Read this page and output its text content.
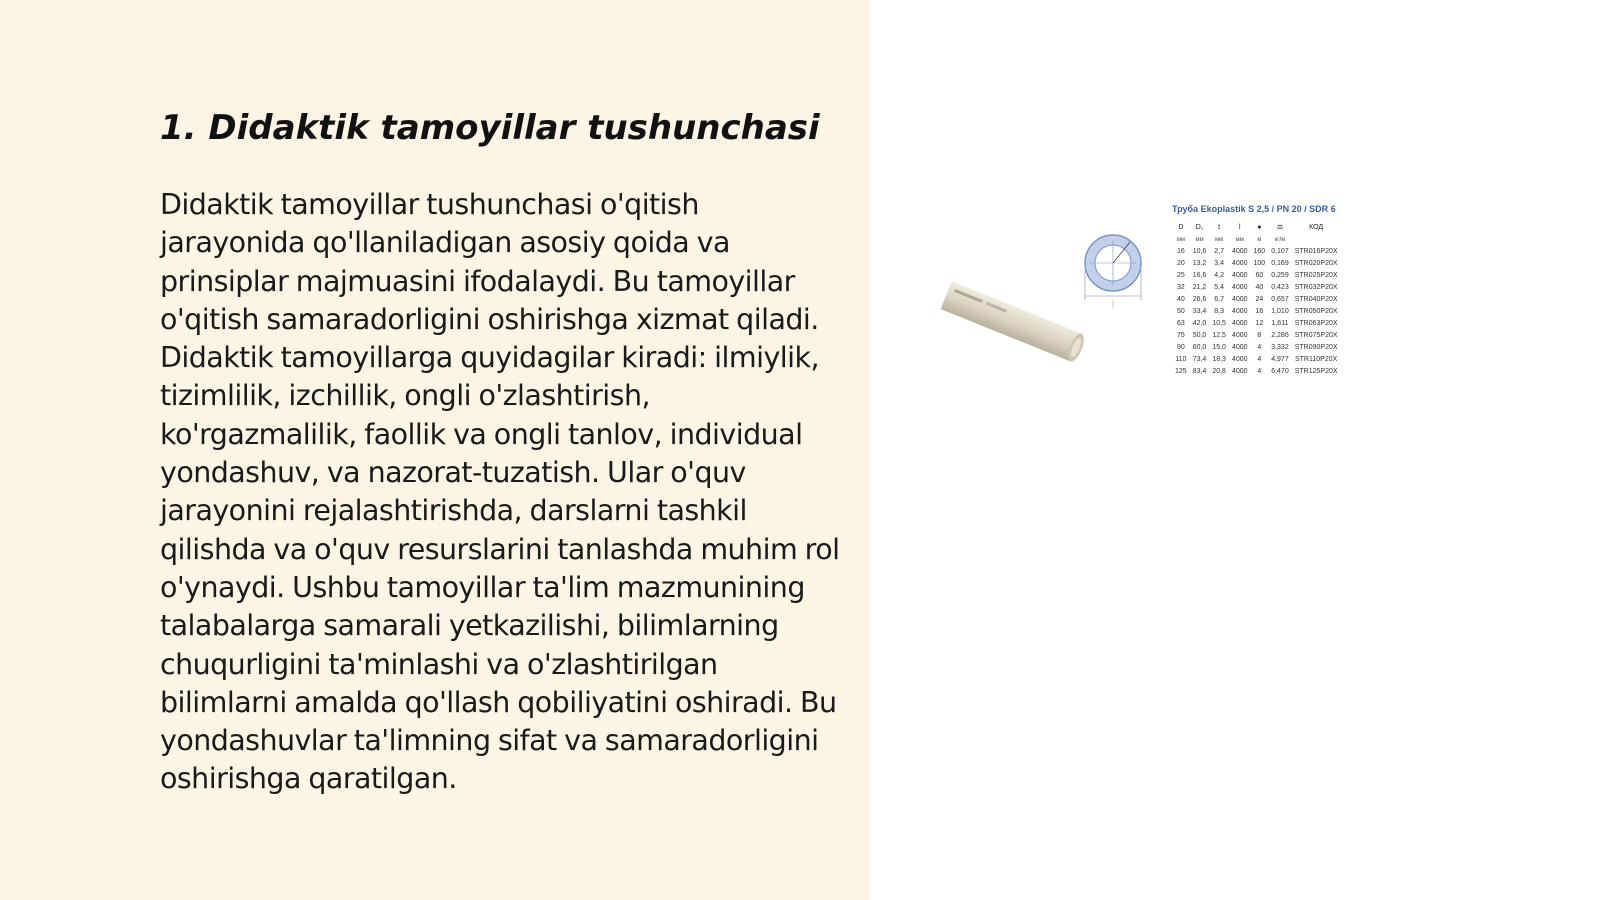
1. Didaktik tamoyillar tushunchasi

Didaktik tamoyillar tushunchasi o'qitish jarayonida qo'llaniladigan asosiy qoida va prinsiplar majmuasini ifodalaydi. Bu tamoyillar o'qitish samaradorligini oshirishga xizmat qiladi. Didaktik tamoyillarga quyidagilar kiradi: ilmiylik, tizimlilik, izchillik, ongli o'zlashtirish, ko'rgazmalilik, faollik va ongli tanlov, individual yondashuv, va nazorat-tuzatish. Ular o'quv jarayonini rejalashtirishda, darslarni tashkil qilishda va o'quv resurslarini tanlashda muhim rol o'ynaydi. Ushbu tamoyillar ta'lim mazmunining talabalarga samarali yetkazilishi, bilimlarning chuqurligini ta'minlashi va o'zlashtirilgan bilimlarni amalda qo'llash qobiliyatini oshiradi. Bu yondashuvlar ta'limning sifat va samaradorligini oshirishga qaratilgan.

Труба Ekoplastik S 2,5 / PN 20 / SDR 6
D	D₁	t	l	●	⚖	КОД
мм	мм	мм	мм	м	кг/м	
16	10,6	2,7	4000	160	0,107	STR016P20X
20	13,2	3,4	4000	100	0,169	STR020P20X
25	16,6	4,2	4000	60	0,259	STR025P20X
32	21,2	5,4	4000	40	0,423	STR032P20X
40	26,6	6,7	4000	24	0,657	STR040P20X
50	33,4	8,3	4000	16	1,010	STR050P20X
63	42,0	10,5	4000	12	1,611	STR063P20X
75	50,0	12,5	4000	8	2,286	STR075P20X
90	60,0	15,0	4000	4	3,332	STR090P20X
110	73,4	18,3	4000	4	4,977	STR110P20X
125	83,4	20,8	4000	4	6,470	STR125P20X
